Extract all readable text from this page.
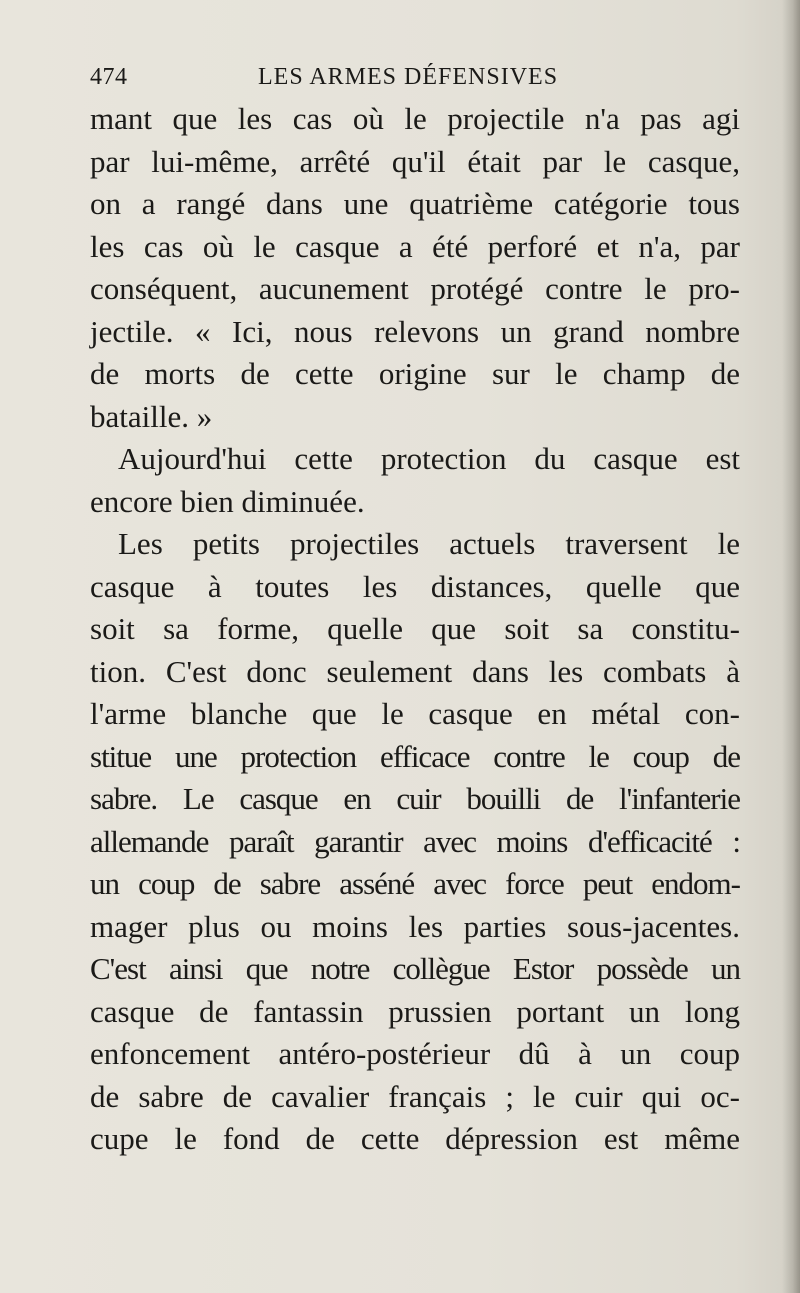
474	LES ARMES DÉFENSIVES
mant que les cas où le projectile n'a pas agi
par lui-même, arrêté qu'il était par le casque,
on a rangé dans une quatrième catégorie tous
les cas où le casque a été perforé et n'a, par
conséquent, aucunement protégé contre le pro-
jectile. « Ici, nous relevons un grand nombre
de morts de cette origine sur le champ de
bataille. »
Aujourd'hui cette protection du casque est
encore bien diminuée.
Les petits projectiles actuels traversent le
casque à toutes les distances, quelle que
soit sa forme, quelle que soit sa constitu-
tion. C'est donc seulement dans les combats à
l'arme blanche que le casque en métal con-
stitue une protection efficace contre le coup de
sabre. Le casque en cuir bouilli de l'infanterie
allemande paraît garantir avec moins d'efficacité :
un coup de sabre asséné avec force peut endom-
mager plus ou moins les parties sous-jacentes.
C'est ainsi que notre collègue Estor possède un
casque de fantassin prussien portant un long
enfoncement antéro-postérieur dû à un coup
de sabre de cavalier français ; le cuir qui oc-
cupe le fond de cette dépression est même
